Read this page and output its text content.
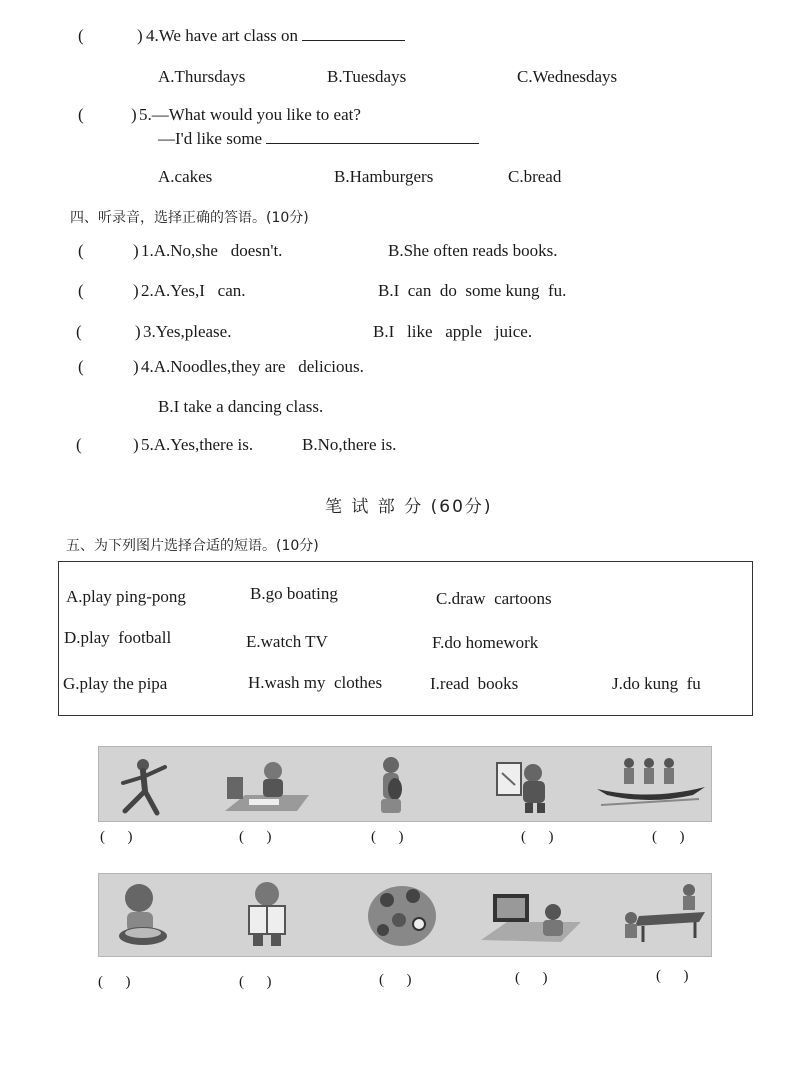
(	) 4.We have art class on
A.Thursdays	B.Tuesdays	C.Wednesdays
(	) 5.—What would you like to eat?
—I'd like some
A.cakes	B.Hamburgers	C.bread
四、听录音，选择正确的答语。(10分)
(	) 1.A.No,she   doesn't.	B.She often reads books.
(	) 2.A.Yes,I   can.	B.I  can  do  some kung  fu.
(	) 3.Yes,please.	B.I   like   apple   juice.
(	) 4.A.Noodles,they are   delicious.
B.I take a dancing class.
(	) 5.A.Yes,there is.	B.No,there is.
笔 试 部 分 (60分)
五、为下列图片选择合适的短语。(10分)
A.play ping-pong	B.go boating	C.draw  cartoons
D.play  football	E.watch TV	F.do homework
G.play the pipa	H.wash my  clothes	I.read  books	J.do kung  fu
(      )	(      )	(      )	(      )	(      )
(      )	(      )	(      )	(      )	(      )
